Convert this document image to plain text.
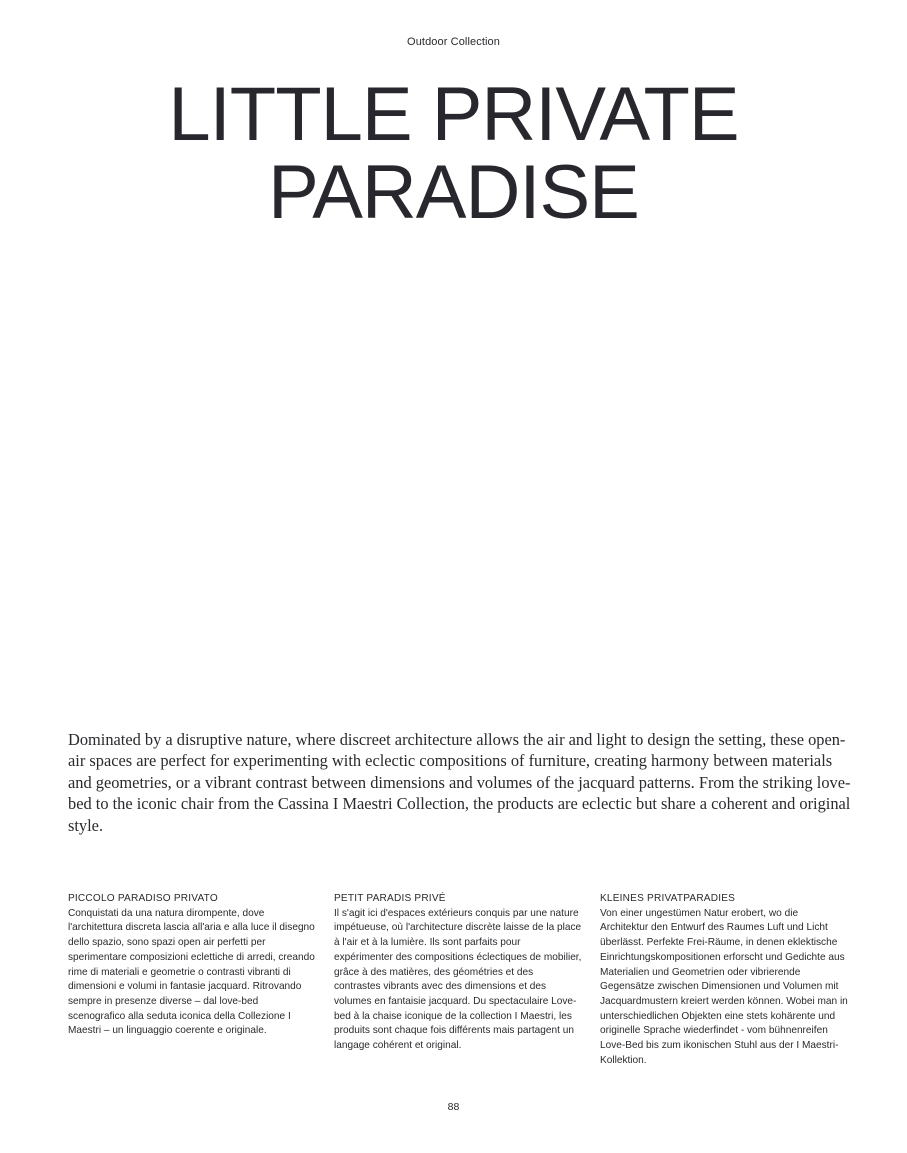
Outdoor Collection
LITTLE PRIVATE
PARADISE

Dominated by a disruptive nature, where discreet architecture allows the air and light to design the setting, these open-air spaces are perfect for experimenting with eclectic compositions of furniture, creating harmony between materials and geometries, or a vibrant contrast between dimensions and volumes of the jacquard patterns. From the striking love-bed to the iconic chair from the Cassina I Maestri Collection, the products are eclectic but share a coherent and original style.

PICCOLO PARADISO PRIVATO

Conquistati da una natura dirompente, dove l'architettura discreta lascia all'aria e alla luce il disegno dello spazio, sono spazi open air perfetti per sperimentare composizioni eclettiche di arredi, creando rime di materiali e geometrie o contrasti vibranti di dimensioni e volumi in fantasie jacquard. Ritrovando sempre in presenze diverse – dal love-bed scenografico alla seduta iconica della Collezione I Maestri – un linguaggio coerente e originale.

PETIT PARADIS PRIVÉ

Il s'agit ici d'espaces extérieurs conquis par une nature impétueuse, où l'architecture discrète laisse de la place à l'air et à la lumière. Ils sont parfaits pour expérimenter des compositions éclectiques de mobilier, grâce à des matières, des géométries et des contrastes vibrants avec des dimensions et des volumes en fantaisie jacquard. Du spectaculaire Love-bed à la chaise iconique de la collection I Maestri, les produits sont chaque fois différents mais partagent un langage cohérent et original.

KLEINES PRIVATPARADIES

Von einer ungestümen Natur erobert, wo die Architektur den Entwurf des Raumes Luft und Licht überlässt. Perfekte Frei-Räume, in denen eklektische Einrichtungskompositionen erforscht und Gedichte aus Materialien und Geometrien oder vibrierende Gegensätze zwischen Dimensionen und Volumen mit Jacquardmustern kreiert werden können. Wobei man in unterschiedlichen Objekten eine stets kohärente und originelle Sprache wiederfindet - vom bühnenreifen Love-Bed bis zum ikonischen Stuhl aus der I Maestri-Kollektion.

88
